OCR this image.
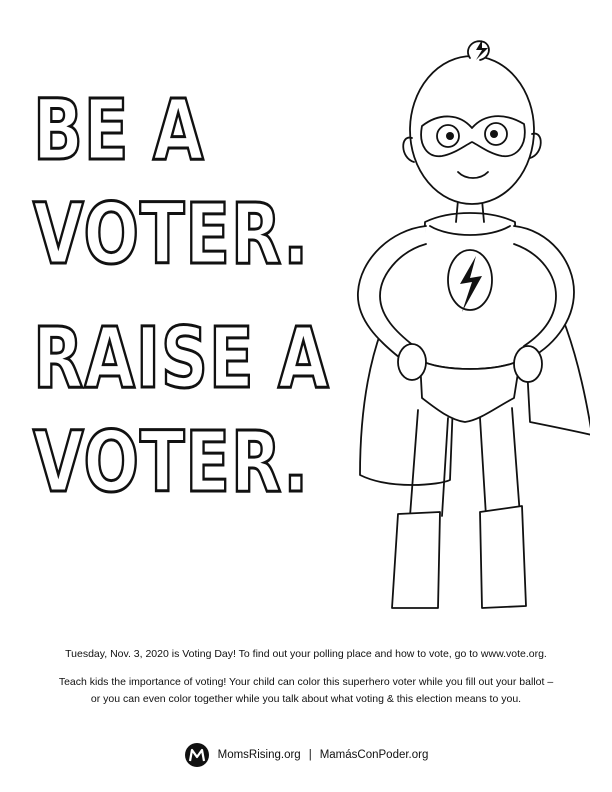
BE A
VOTER.
RAISE A
VOTER.
Tuesday, Nov. 3, 2020 is Voting Day! To find out your polling place and how to vote, go to www.vote.org.
Teach kids the importance of voting! Your child can color this superhero voter while you fill out your ballot –
or you can even color together while you talk about what voting & this election means to you.
MomsRising.org | MamásConPoder.org
